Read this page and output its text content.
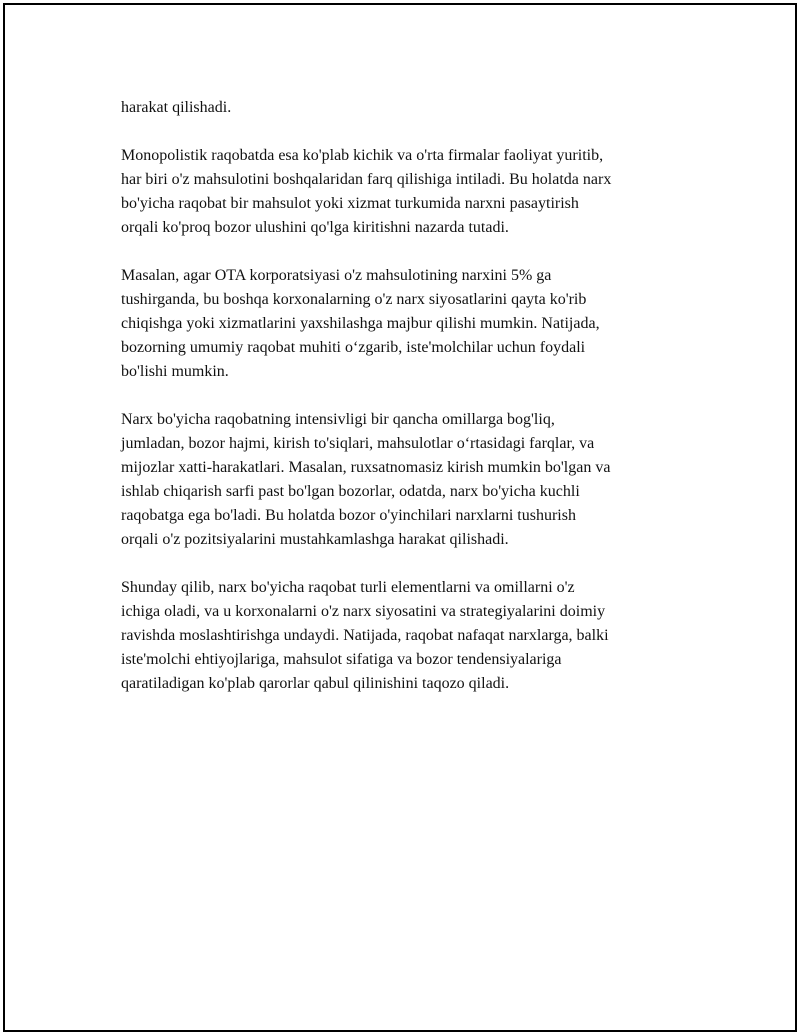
harakat qilishadi.

Monopolistik raqobatda esa ko'plab kichik va o'rta firmalar faoliyat yuritib,
har biri o'z mahsulotini boshqalaridan farq qilishiga intiladi. Bu holatda narx
bo'yicha raqobat bir mahsulot yoki xizmat turkumida narxni pasaytirish
orqali ko'proq bozor ulushini qo'lga kiritishni nazarda tutadi.

Masalan, agar OTA korporatsiyasi o'z mahsulotining narxini 5% ga
tushirganda, bu boshqa korxonalarning o'z narx siyosatlarini qayta ko'rib
chiqishga yoki xizmatlarini yaxshilashga majbur qilishi mumkin. Natijada,
bozorning umumiy raqobat muhiti o‘zgarib, iste'molchilar uchun foydali
bo'lishi mumkin.

Narx bo'yicha raqobatning intensivligi bir qancha omillarga bog'liq,
jumladan, bozor hajmi, kirish to'siqlari, mahsulotlar o‘rtasidagi farqlar, va
mijozlar xatti-harakatlari. Masalan, ruxsatnomasiz kirish mumkin bo'lgan va
ishlab chiqarish sarfi past bo'lgan bozorlar, odatda, narx bo'yicha kuchli
raqobatga ega bo'ladi. Bu holatda bozor o'yinchilari narxlarni tushurish
orqali o'z pozitsiyalarini mustahkamlashga harakat qilishadi.

Shunday qilib, narx bo'yicha raqobat turli elementlarni va omillarni o'z
ichiga oladi, va u korxonalarni o'z narx siyosatini va strategiyalarini doimiy
ravishda moslashtirishga undaydi. Natijada, raqobat nafaqat narxlarga, balki
iste'molchi ehtiyojlariga, mahsulot sifatiga va bozor tendensiyalariga
qaratiladigan ko'plab qarorlar qabul qilinishini taqozo qiladi.
